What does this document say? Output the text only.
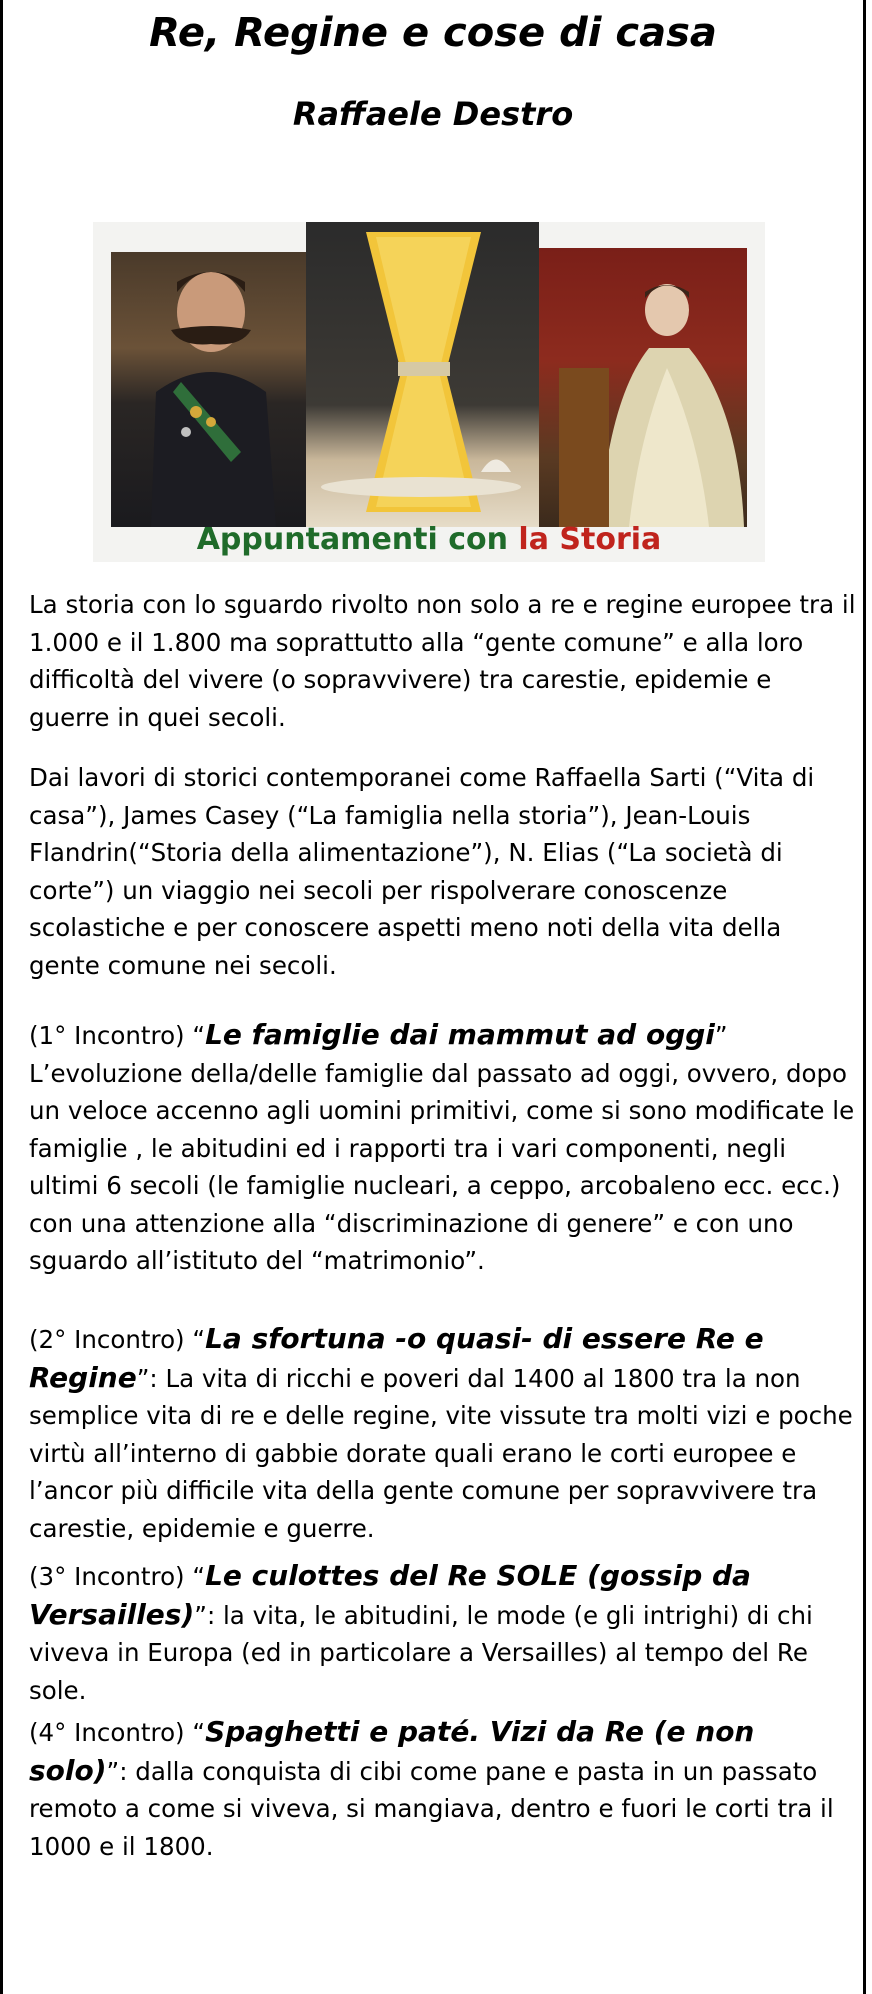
Re, Regine e cose di casa
Raffaele Destro
Appuntamenti con la Storia

La storia con lo sguardo rivolto non solo a re e regine europee tra il 1.000 e il 1.800 ma soprattutto alla “gente comune” e alla loro difficoltà del vivere (o sopravvivere) tra carestie, epidemie e guerre in quei secoli.

Dai lavori di storici contemporanei come Raffaella Sarti (“Vita di casa”), James Casey (“La famiglia nella storia”), Jean-Louis Flandrin(“Storia della alimentazione”), N. Elias (“La società di corte”) un viaggio nei secoli per rispolverare conoscenze scolastiche e per conoscere aspetti meno noti della vita della gente comune nei secoli.

(1° Incontro) “Le famiglie dai mammut ad oggi”
L’evoluzione della/delle famiglie dal passato ad oggi, ovvero, dopo un veloce accenno agli uomini primitivi, come si sono modificate le famiglie , le abitudini ed i rapporti tra i vari componenti, negli ultimi 6 secoli (le famiglie nucleari, a ceppo, arcobaleno ecc. ecc.) con una attenzione alla “discriminazione di genere” e con uno sguardo all’istituto del “matrimonio”.
(2° Incontro) “La sfortuna -o quasi- di essere Re e Regine”: La vita di ricchi e poveri dal 1400 al 1800 tra la non semplice vita di re e delle regine, vite vissute tra molti vizi e poche virtù all’interno di gabbie dorate quali erano le corti europee e l’ancor più difficile vita della gente comune per sopravvivere tra carestie, epidemie e guerre.
(3° Incontro) “Le culottes del Re SOLE (gossip da Versailles)”: la vita, le abitudini, le mode (e gli intrighi) di chi viveva in Europa (ed in particolare a Versailles) al tempo del Re sole.
(4° Incontro) “Spaghetti e paté. Vizi da Re (e non solo)”: dalla conquista di cibi come pane e pasta in un passato remoto a come si viveva, si mangiava, dentro e fuori le corti tra il 1000 e il 1800.
